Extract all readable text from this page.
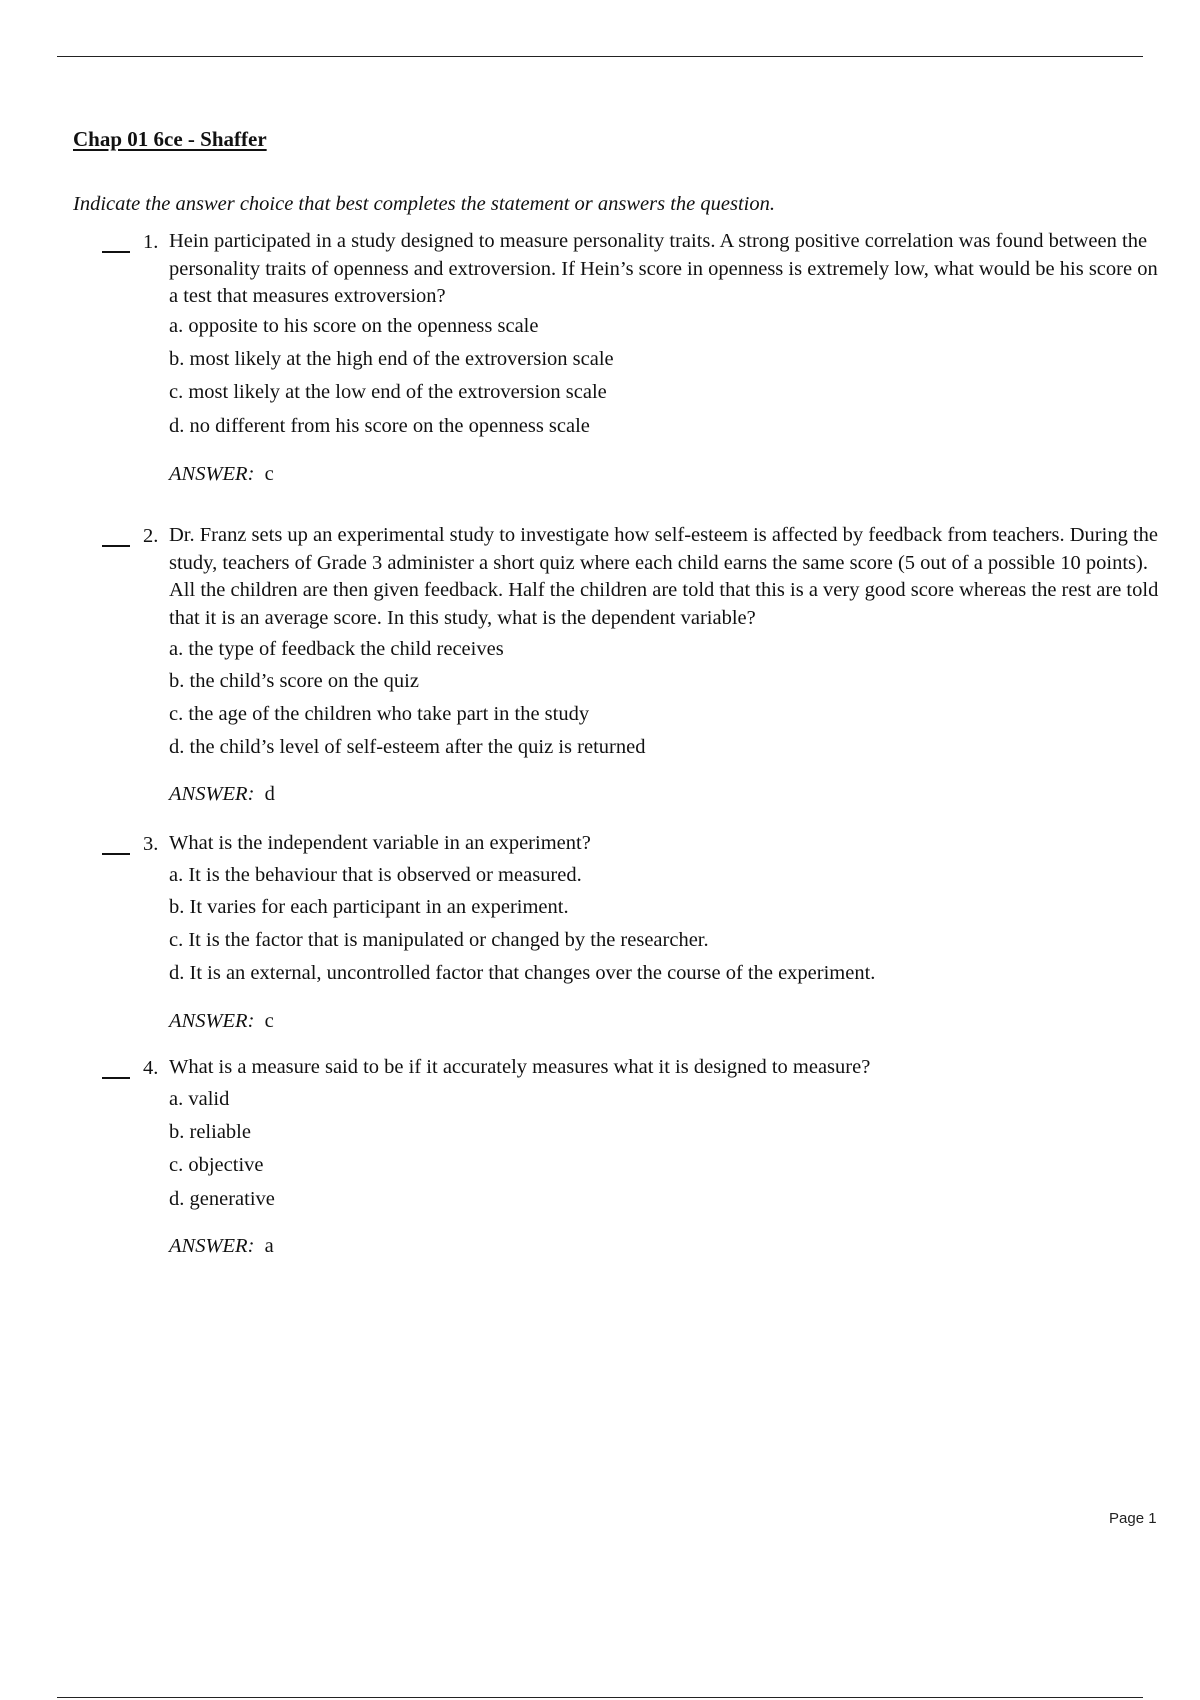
Chap 01 6ce - Shaffer
Indicate the answer choice that best completes the statement or answers the question.
1. Hein participated in a study designed to measure personality traits. A strong positive correlation was found between the personality traits of openness and extroversion. If Hein’s score in openness is extremely low, what would be his score on a test that measures extroversion?
a. opposite to his score on the openness scale
b. most likely at the high end of the extroversion scale
c. most likely at the low end of the extroversion scale
d. no different from his score on the openness scale
ANSWER: c
2. Dr. Franz sets up an experimental study to investigate how self-esteem is affected by feedback from teachers. During the study, teachers of Grade 3 administer a short quiz where each child earns the same score (5 out of a possible 10 points). All the children are then given feedback. Half the children are told that this is a very good score whereas the rest are told that it is an average score. In this study, what is the dependent variable?
a. the type of feedback the child receives
b. the child’s score on the quiz
c. the age of the children who take part in the study
d. the child’s level of self-esteem after the quiz is returned
ANSWER: d
3. What is the independent variable in an experiment?
a. It is the behaviour that is observed or measured.
b. It varies for each participant in an experiment.
c. It is the factor that is manipulated or changed by the researcher.
d. It is an external, uncontrolled factor that changes over the course of the experiment.
ANSWER: c
4. What is a measure said to be if it accurately measures what it is designed to measure?
a. valid
b. reliable
c. objective
d. generative
ANSWER: a
Page 1
